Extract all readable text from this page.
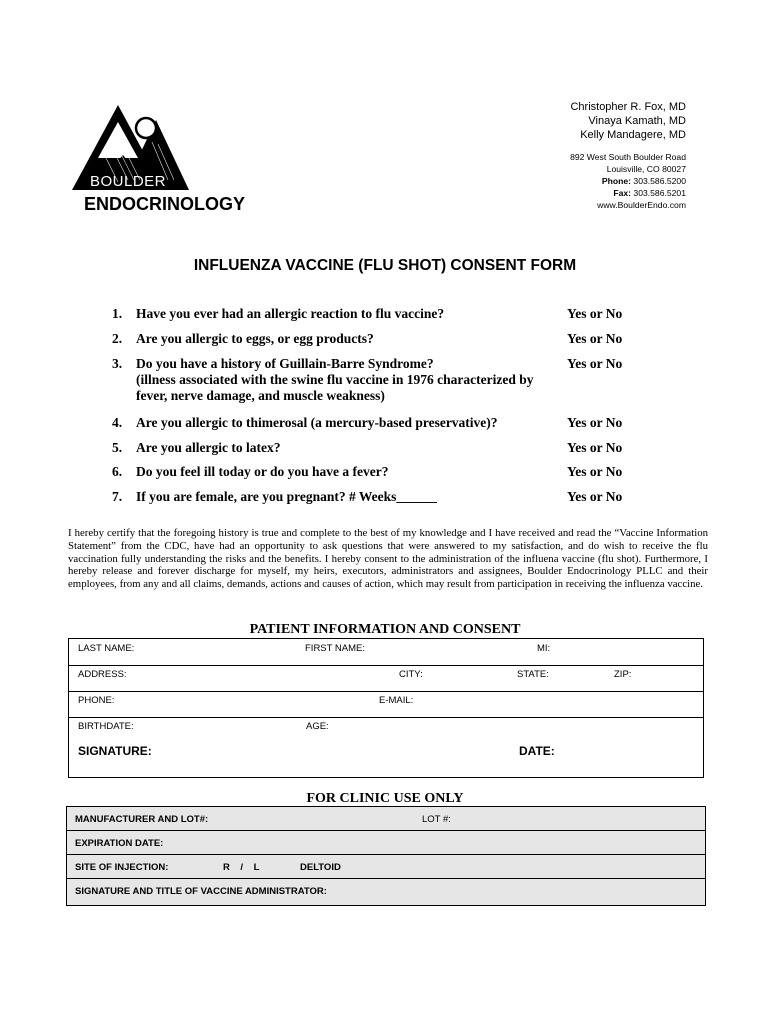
BOULDER
ENDOCRINOLOGY
Christopher R. Fox, MD
Vinaya Kamath, MD
Kelly Mandagere, MD
892 West South Boulder Road
Louisville, CO 80027
Phone: 303.586.5200
Fax: 303.586.5201
www.BoulderEndo.com
INFLUENZA VACCINE (FLU SHOT) CONSENT FORM
1. Have you ever had an allergic reaction to flu vaccine?	Yes or No
2. Are you allergic to eggs, or egg products?	Yes or No
3. Do you have a history of Guillain-Barre Syndrome?
(illness associated with the swine flu vaccine in 1976 characterized by fever, nerve damage, and muscle weakness)
Yes or No
4. Are you allergic to thimerosal (a mercury-based preservative)?	Yes or No
5. Are you allergic to latex?	Yes or No
6. Do you feel ill today or do you have a fever?	Yes or No
7. If you are female, are you pregnant? # Weeks______	Yes or No
I hereby certify that the foregoing history is true and complete to the best of my knowledge and I have received and read the “Vaccine Information Statement” from the CDC, have had an opportunity to ask questions that were answered to my satisfaction, and do wish to receive the flu vaccination fully understanding the risks and the benefits. I hereby consent to the administration of the influena vaccine (flu shot). Furthermore, I hereby release and forever discharge for myself, my heirs, executors, administrators and assignees, Boulder Endocrinology PLLC and their employees, from any and all claims, demands, actions and causes of action, which may result from participation in receiving the influenza vaccine.
PATIENT INFORMATION AND CONSENT
LAST NAME:	FIRST NAME:	MI:
ADDRESS:	CITY:	STATE:	ZIP:
PHONE:	E-MAIL:
BIRTHDATE:	AGE:
SIGNATURE:	DATE:
FOR CLINIC USE ONLY
MANUFACTURER AND LOT#:	LOT #:
EXPIRATION DATE:
SITE OF INJECTION:	R    /    L	DELTOID
SIGNATURE AND TITLE OF VACCINE ADMINISTRATOR:
